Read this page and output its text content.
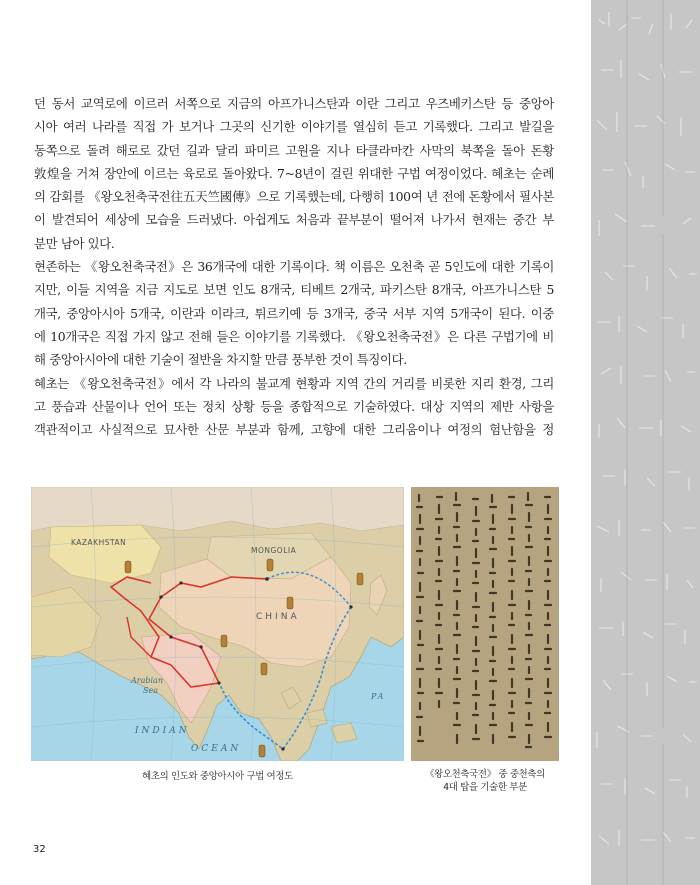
던 동서 교역로에 이르러 서쪽으로 지금의 아프가니스탄과 이란 그리고 우즈베키스탄 등 중앙아
시아 여러 나라를 직접 가 보거나 그곳의 신기한 이야기를 열심히 듣고 기록했다. 그리고 발길을
동쪽으로 돌려 해로로 갔던 길과 달리 파미르 고원을 지나 타클라마칸 사막의 북쪽을 돌아 돈황
敦煌을 거쳐 장안에 이르는 육로로 돌아왔다. 7~8년이 걸린 위대한 구법 여정이었다. 혜초는 순례
의 감회를 《왕오천축국전往五天竺國傳》으로 기록했는데, 다행히 100여 년 전에 돈황에서 필사본
이 발견되어 세상에 모습을 드러냈다. 아쉽게도 처음과 끝부분이 떨어져 나가서 현재는 중간 부
분만 남아 있다.

현존하는 《왕오천축국전》은 36개국에 대한 기록이다. 책 이름은 오천축 곧 5인도에 대한 기록이
지만, 이들 지역을 지금 지도로 보면 인도 8개국, 티베트 2개국, 파키스탄 8개국, 아프가니스탄 5
개국, 중앙아시아 5개국, 이란과 이라크, 튀르키예 등 3개국, 중국 서부 지역 5개국이 된다. 이중
에 10개국은 직접 가지 않고 전해 들은 이야기를 기록했다. 《왕오천축국전》은 다른 구법기에 비
해 중앙아시아에 대한 기술이 절반을 차지할 만큼 풍부한 것이 특징이다.

혜초는 《왕오천축국전》에서 각 나라의 불교계 현황과 지역 간의 거리를 비롯한 지리 환경, 그리
고 풍습과 산물이나 언어 또는 정치 상황 등을 종합적으로 기술하였다. 대상 지역의 제반 사항을
객관적이고 사실적으로 묘사한 산문 부분과 함께, 고향에 대한 그리움이나 여정의 험난함을 정

KAZAKHSTAN
MONGOLIA
CHINA
Arabian
Sea
INDIAN
OCEAN
PA
혜초의 인도와 중앙아시아 구법 여정도	《왕오천축국전》 중 중천축의
4대 탑을 기술한 부분
32
